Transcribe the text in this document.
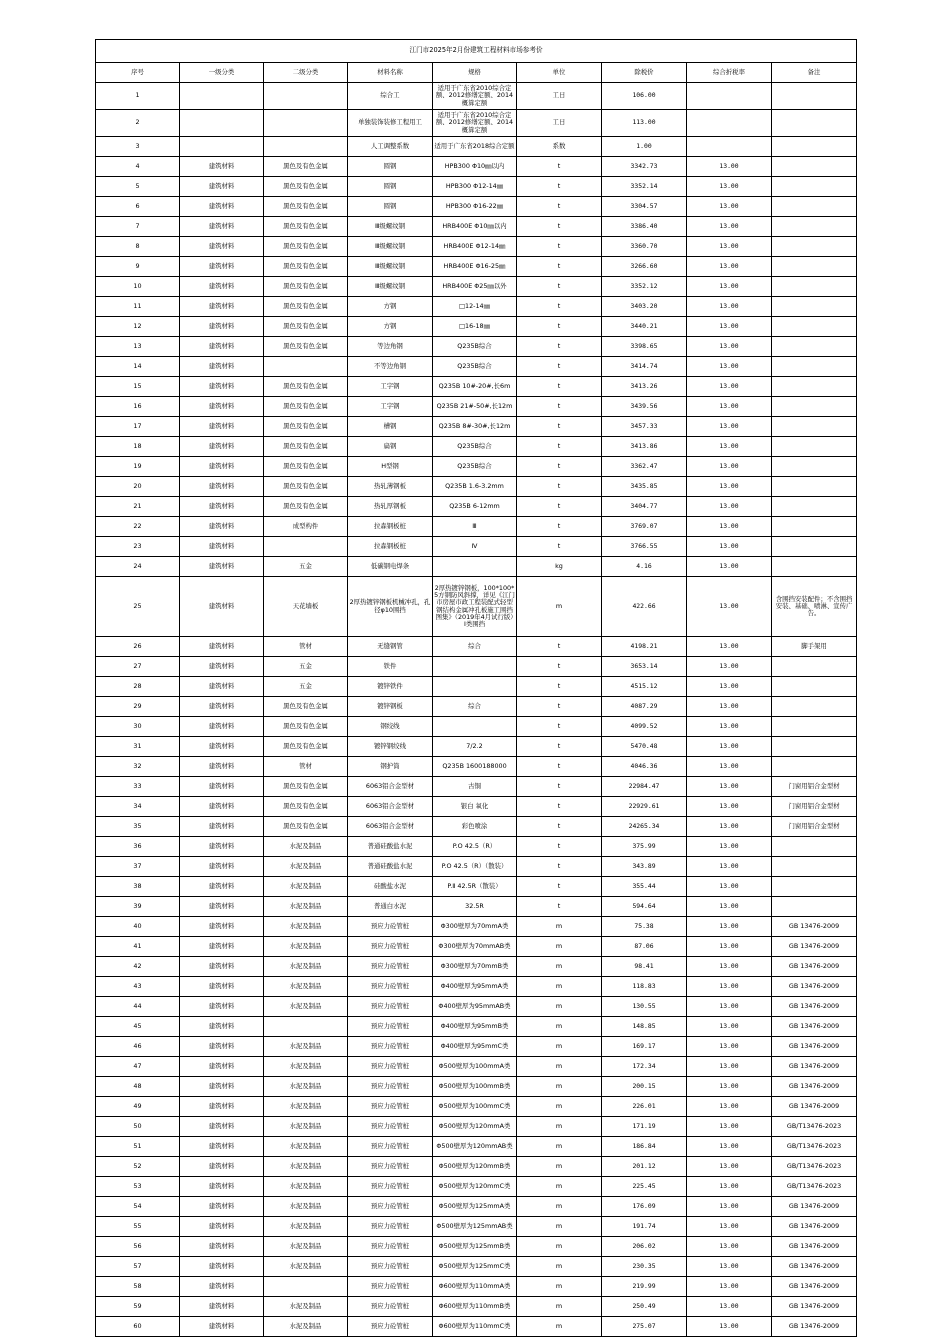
江门市2025年2月份建筑工程材料市场参考价								
序号	一级分类	二级分类	材料名称	规格	单位	除税价	综合折税率	备注
1			综合工	适用于广东省2010综合定额、2012修缮定额、2014概算定额	工日	106.00		
2			单独装饰装修工程用工	适用于广东省2010综合定额、2012修缮定额、2014概算定额	工日	113.00		
3			人工调整系数	适用于广东省2018综合定额	系数	1.00		
4	建筑材料	黑色及有色金属	圆钢	HPB300 Φ10㎜以内	t	3342.73	13.00	
5	建筑材料	黑色及有色金属	圆钢	HPB300 Φ12-14㎜	t	3352.14	13.00	
6	建筑材料	黑色及有色金属	圆钢	HPB300 Φ16-22㎜	t	3304.57	13.00	
7	建筑材料	黑色及有色金属	Ⅲ级螺纹钢	HRB400E Φ10㎜以内	t	3386.40	13.00	
8	建筑材料	黑色及有色金属	Ⅲ级螺纹钢	HRB400E Φ12-14㎜	t	3360.70	13.00	
9	建筑材料	黑色及有色金属	Ⅲ级螺纹钢	HRB400E Φ16-25㎜	t	3266.60	13.00	
10	建筑材料	黑色及有色金属	Ⅲ级螺纹钢	HRB400E Φ25㎜以外	t	3352.12	13.00	
11	建筑材料	黑色及有色金属	方钢	□12-14㎜	t	3403.20	13.00	
12	建筑材料	黑色及有色金属	方钢	□16-18㎜	t	3440.21	13.00	
13	建筑材料	黑色及有色金属	等边角钢	Q235B综合	t	3398.65	13.00	
14	建筑材料		不等边角钢	Q235B综合	t	3414.74	13.00	
15	建筑材料	黑色及有色金属	工字钢	Q235B 10#-20#,长6m	t	3413.26	13.00	
16	建筑材料	黑色及有色金属	工字钢	Q235B 21#-50#,长12m	t	3439.56	13.00	
17	建筑材料	黑色及有色金属	槽钢	Q235B 8#-30#,长12m	t	3457.33	13.00	
18	建筑材料	黑色及有色金属	扁钢	Q235B综合	t	3413.86	13.00	
19	建筑材料	黑色及有色金属	H型钢	Q235B综合	t	3362.47	13.00	
20	建筑材料	黑色及有色金属	热轧薄钢板	Q235B 1.6-3.2mm	t	3435.85	13.00	
21	建筑材料	黑色及有色金属	热轧厚钢板	Q235B 6-12mm	t	3404.77	13.00	
22	建筑材料	成型构件	拉森钢板桩	Ⅲ	t	3769.07	13.00	
23	建筑材料		拉森钢板桩	Ⅳ	t	3766.55	13.00	
24	建筑材料	五金	低碳钢电焊条		kg	4.16	13.00	
25	建筑材料	天花墙板	2厚热镀锌钢板机械冲孔，孔径φ10围挡	2厚热镀锌钢板，100*100*5方钢防风斜撑，详见《江门市房屋市政工程装配式轻型钢结构金属冲孔板施工围挡图集》（2019年4月试行版）Ⅰ类围挡	m	422.66	13.00	含围挡安装配件；不含围挡安装、基础、喷淋、宣传广告。
26	建筑材料	管材	无缝钢管	综合	t	4198.21	13.00	脚手架用
27	建筑材料	五金	铁件		t	3653.14	13.00	
28	建筑材料	五金	镀锌铁件		t	4515.12	13.00	
29	建筑材料	黑色及有色金属	镀锌钢板	综合	t	4087.29	13.00	
30	建筑材料	黑色及有色金属	钢绞线		t	4099.52	13.00	
31	建筑材料	黑色及有色金属	镀锌钢绞线	7/2.2	t	5470.48	13.00	
32	建筑材料	管材	钢护筒	Q235B 1600188000	t	4046.36	13.00	
33	建筑材料	黑色及有色金属	6063铝合金型材	古铜	t	22984.47	13.00	门窗用铝合金型材
34	建筑材料	黑色及有色金属	6063铝合金型材	银白 氧化	t	22929.61	13.00	门窗用铝合金型材
35	建筑材料	黑色及有色金属	6063铝合金型材	彩色喷涂	t	24265.34	13.00	门窗用铝合金型材
36	建筑材料	水泥及制品	普通硅酸盐水泥	P.O 42.5（R）	t	375.99	13.00	
37	建筑材料	水泥及制品	普通硅酸盐水泥	P.O 42.5（R）（散装）	t	343.89	13.00	
38	建筑材料	水泥及制品	硅酸盐水泥	P.Ⅱ 42.5R（散装）	t	355.44	13.00	
39	建筑材料	水泥及制品	普通白水泥	32.5R	t	594.64	13.00	
40	建筑材料	水泥及制品	预应力砼管桩	Φ300壁厚为70mmA类	m	75.38	13.00	GB 13476-2009
41	建筑材料	水泥及制品	预应力砼管桩	Φ300壁厚为70mmAB类	m	87.06	13.00	GB 13476-2009
42	建筑材料	水泥及制品	预应力砼管桩	Φ300壁厚为70mmB类	m	98.41	13.00	GB 13476-2009
43	建筑材料	水泥及制品	预应力砼管桩	Φ400壁厚为95mmA类	m	118.83	13.00	GB 13476-2009
44	建筑材料	水泥及制品	预应力砼管桩	Φ400壁厚为95mmAB类	m	130.55	13.00	GB 13476-2009
45	建筑材料		预应力砼管桩	Φ400壁厚为95mmB类	m	148.85	13.00	GB 13476-2009
46	建筑材料	水泥及制品	预应力砼管桩	Φ400壁厚为95mmC类	m	169.17	13.00	GB 13476-2009
47	建筑材料	水泥及制品	预应力砼管桩	Φ500壁厚为100mmA类	m	172.34	13.00	GB 13476-2009
48	建筑材料	水泥及制品	预应力砼管桩	Φ500壁厚为100mmB类	m	200.15	13.00	GB 13476-2009
49	建筑材料	水泥及制品	预应力砼管桩	Φ500壁厚为100mmC类	m	226.01	13.00	GB 13476-2009
50	建筑材料	水泥及制品	预应力砼管桩	Φ500壁厚为120mmA类	m	171.19	13.00	GB/T13476-2023
51	建筑材料	水泥及制品	预应力砼管桩	Φ500壁厚为120mmAB类	m	186.84	13.00	GB/T13476-2023
52	建筑材料	水泥及制品	预应力砼管桩	Φ500壁厚为120mmB类	m	201.12	13.00	GB/T13476-2023
53	建筑材料	水泥及制品	预应力砼管桩	Φ500壁厚为120mmC类	m	225.45	13.00	GB/T13476-2023
54	建筑材料	水泥及制品	预应力砼管桩	Φ500壁厚为125mmA类	m	176.09	13.00	GB 13476-2009
55	建筑材料	水泥及制品	预应力砼管桩	Φ500壁厚为125mmAB类	m	191.74	13.00	GB 13476-2009
56	建筑材料	水泥及制品	预应力砼管桩	Φ500壁厚为125mmB类	m	206.02	13.00	GB 13476-2009
57	建筑材料	水泥及制品	预应力砼管桩	Φ500壁厚为125mmC类	m	230.35	13.00	GB 13476-2009
58	建筑材料		预应力砼管桩	Φ600壁厚为110mmA类	m	219.99	13.00	GB 13476-2009
59	建筑材料	水泥及制品	预应力砼管桩	Φ600壁厚为110mmB类	m	250.49	13.00	GB 13476-2009
60	建筑材料	水泥及制品	预应力砼管桩	Φ600壁厚为110mmC类	m	275.07	13.00	GB 13476-2009
